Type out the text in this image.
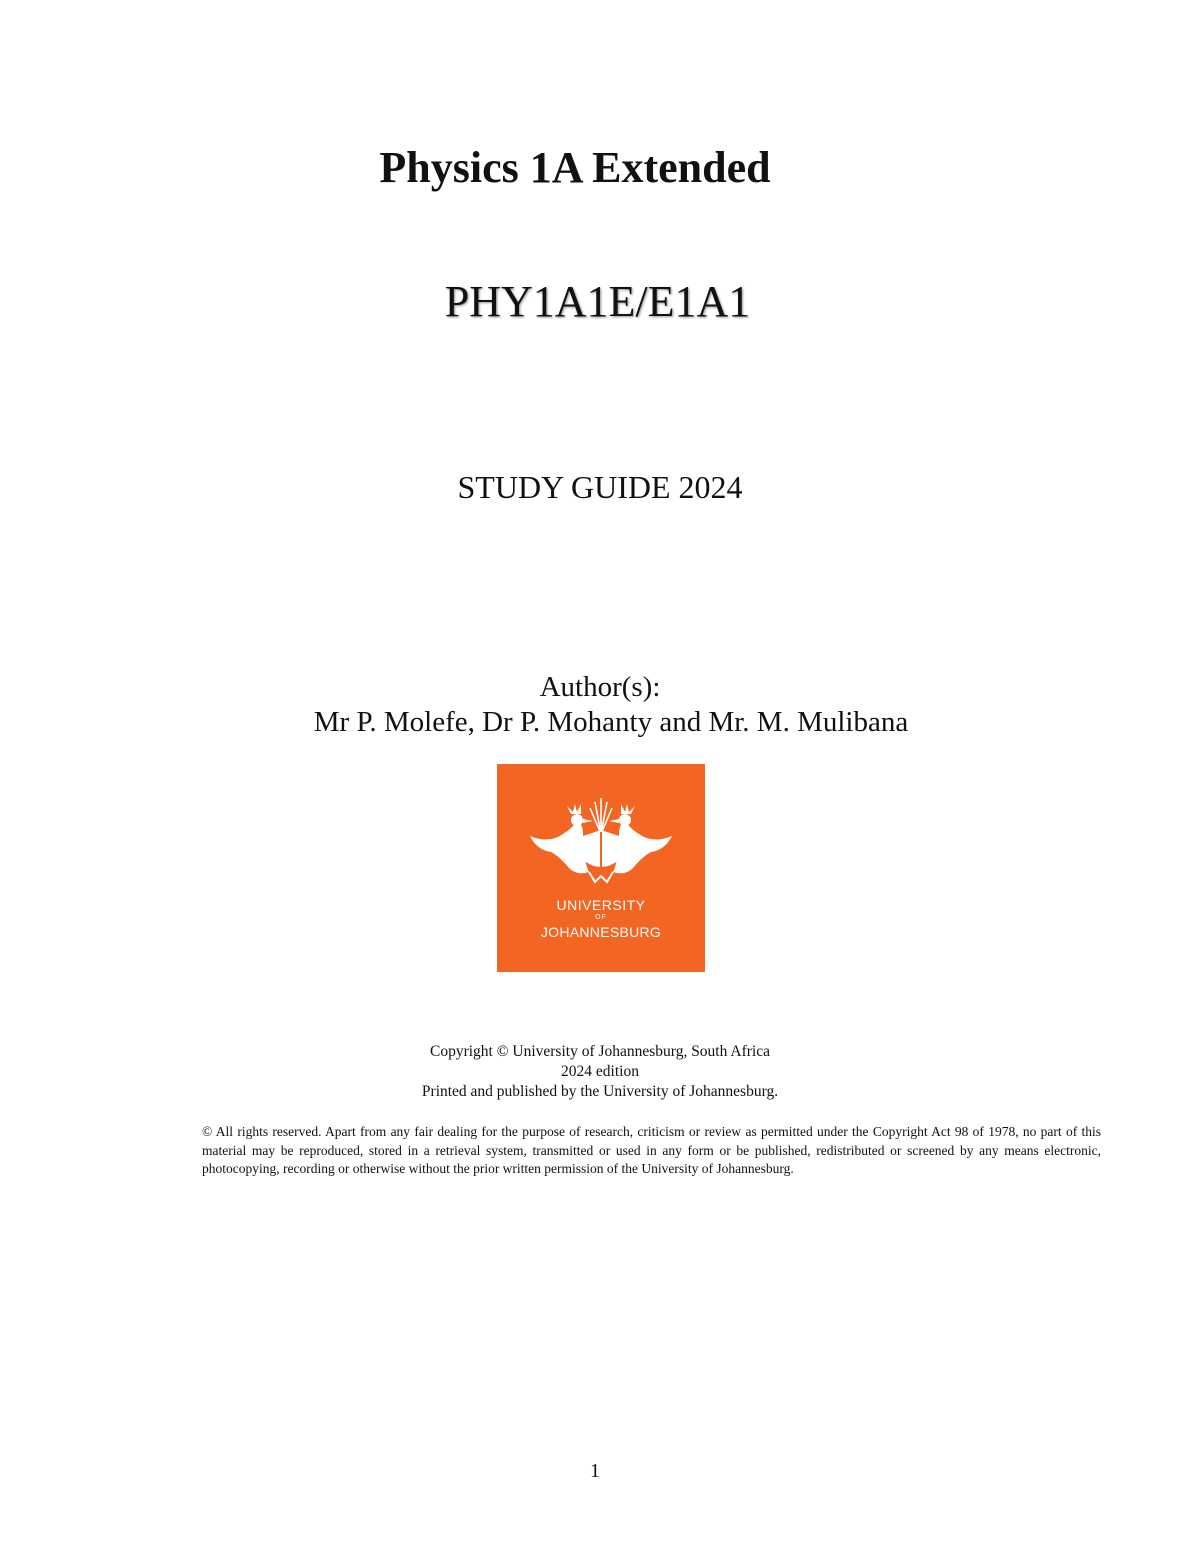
Physics 1A Extended
PHY1A1E/E1A1
STUDY GUIDE 2024
Author(s):
Mr P. Molefe, Dr P. Mohanty and Mr. M. Mulibana
UNIVERSITY
OF
JOHANNESBURG
Copyright © University of Johannesburg, South Africa
2024 edition
Printed and published by the University of Johannesburg.
© All rights reserved. Apart from any fair dealing for the purpose of research, criticism or review as permitted under the Copyright Act 98 of 1978, no part of this material may be reproduced, stored in a retrieval system, transmitted or used in any form or be published, redistributed or screened by any means electronic, photocopying, recording or otherwise without the prior written permission of the University of Johannesburg.
1
